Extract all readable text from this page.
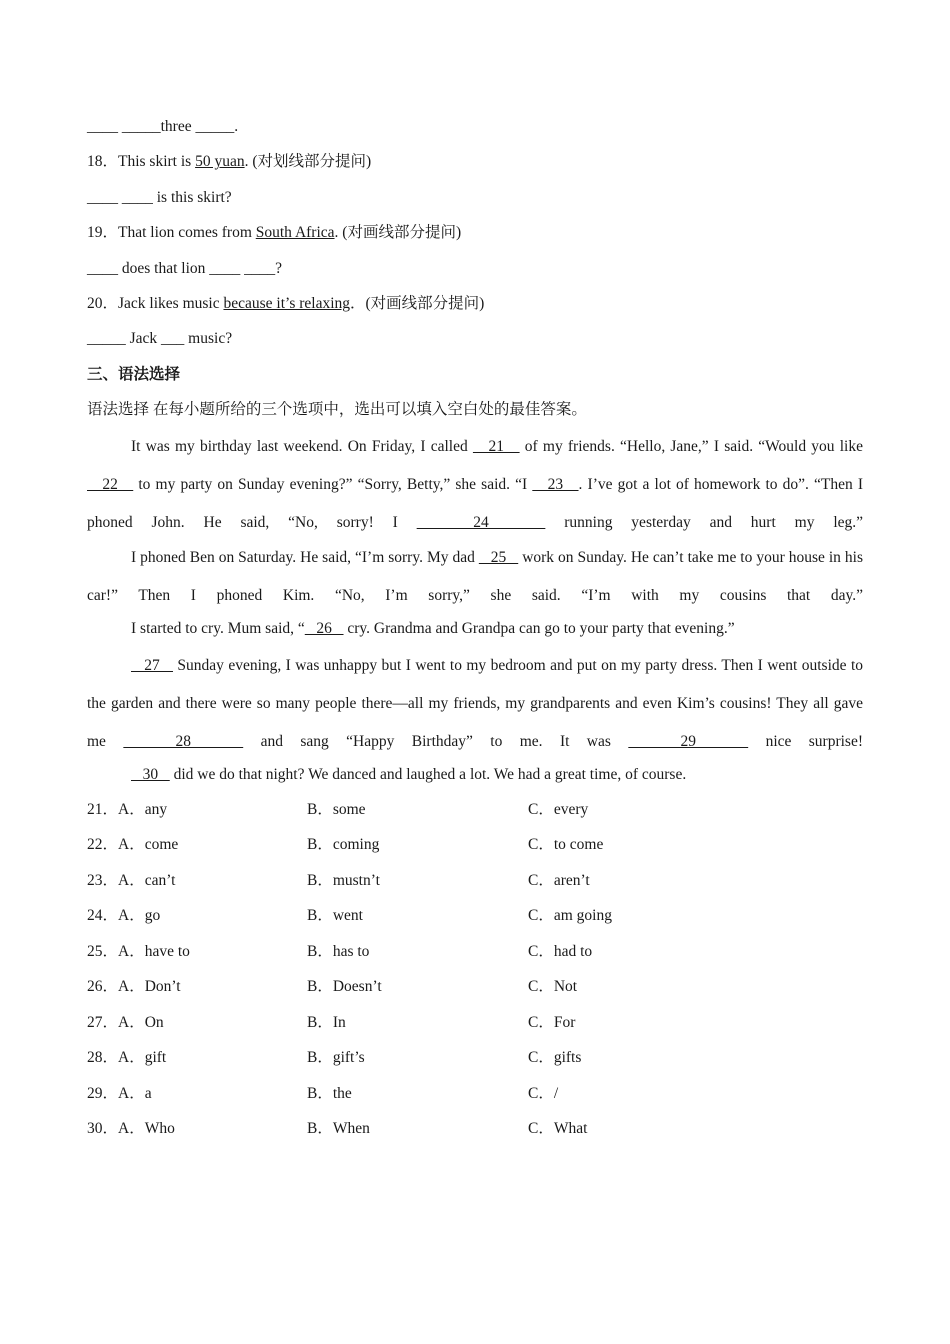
____ _____three _____.
18．This skirt is 50 yuan. (对划线部分提问)
____ ____ is this skirt?
19．That lion comes from South Africa. (对画线部分提问)
____ does that lion ____ ____?
20．Jack likes music because it’s relaxing．(对画线部分提问)
_____ Jack ___ music?
三、语法选择
语法选择 在每小题所给的三个选项中，选出可以填入空白处的最佳答案。
It was my birthday last weekend. On Friday, I called    21    of my friends. “Hello, Jane,” I said. “Would you like    22    to my party on Sunday evening?” “Sorry, Betty,” she said. “I    23   . I’ve got a lot of homework to do”. “Then I phoned John. He said, “No, sorry! I    24    running yesterday and hurt my leg.”
I phoned Ben on Saturday. He said, “I’m sorry. My dad    25    work on Sunday. He can’t take me to your house in his car!” Then I phoned Kim. “No, I’m sorry,” she said. “I’m with my cousins that day.”
I started to cry. Mum said, “   26    cry. Grandma and Grandpa can go to your party that evening.”
27    Sunday evening, I was unhappy but I went to my bedroom and put on my party dress. Then I went outside to the garden and there were so many people there—all my friends, my grandparents and even Kim’s cousins! They all gave me    28    and sang “Happy Birthday” to me. It was    29    nice surprise!
30    did we do that night? We danced and laughed a lot. We had a great time, of course.
21．A．any	B．some	C．every
22．A．come	B．coming	C．to come
23．A．can’t	B．mustn’t	C．aren’t
24．A．go	B．went	C．am going
25．A．have to	B．has to	C．had to
26．A．Don’t	B．Doesn’t	C．Not
27．A．On	B．In	C．For
28．A．gift	B．gift’s	C．gifts
29．A．a	B．the	C．/
30．A．Who	B．When	C．What
